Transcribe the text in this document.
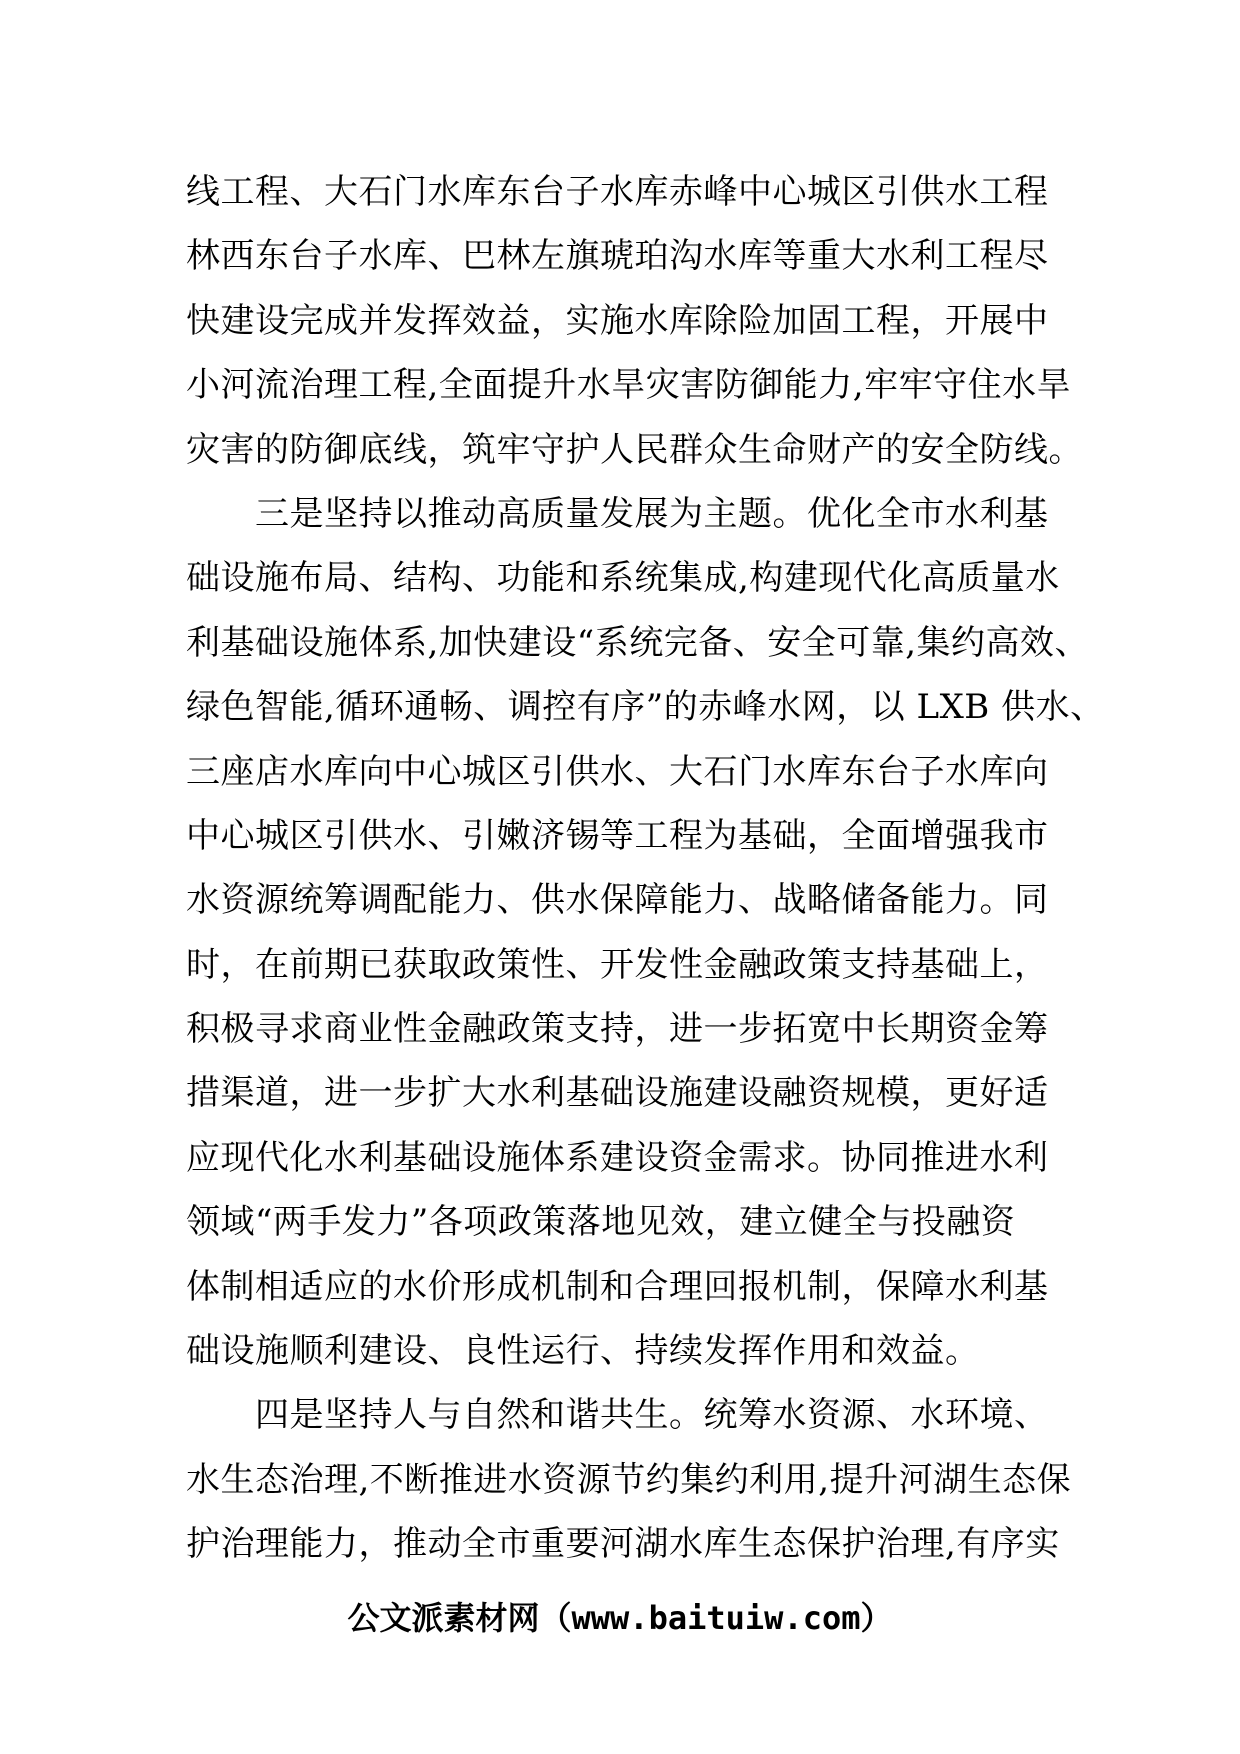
线工程、大石门水库东台子水库赤峰中心城区引供水工程
林西东台子水库、巴林左旗琥珀沟水库等重大水利工程尽
快建设完成并发挥效益，实施水库除险加固工程，开展中
小河流治理工程,全面提升水旱灾害防御能力,牢牢守住水旱
灾害的防御底线，筑牢守护人民群众生命财产的安全防线。
　　三是坚持以推动高质量发展为主题。优化全市水利基
础设施布局、结构、功能和系统集成,构建现代化高质量水
利基础设施体系,加快建设“系统完备、安全可靠,集约高效、
绿色智能,循环通畅、调控有序”的赤峰水网，以 LXB 供水、
三座店水库向中心城区引供水、大石门水库东台子水库向
中心城区引供水、引嫩济锡等工程为基础，全面增强我市
水资源统筹调配能力、供水保障能力、战略储备能力。同
时，在前期已获取政策性、开发性金融政策支持基础上，
积极寻求商业性金融政策支持，进一步拓宽中长期资金筹
措渠道，进一步扩大水利基础设施建设融资规模，更好适
应现代化水利基础设施体系建设资金需求。协同推进水利
领域“两手发力”各项政策落地见效，建立健全与投融资
体制相适应的水价形成机制和合理回报机制，保障水利基
础设施顺利建设、良性运行、持续发挥作用和效益。
　　四是坚持人与自然和谐共生。统筹水资源、水环境、
水生态治理,不断推进水资源节约集约利用,提升河湖生态保
护治理能力，推动全市重要河湖水库生态保护治理,有序实
公文派素材网（www.baituiw.com）
